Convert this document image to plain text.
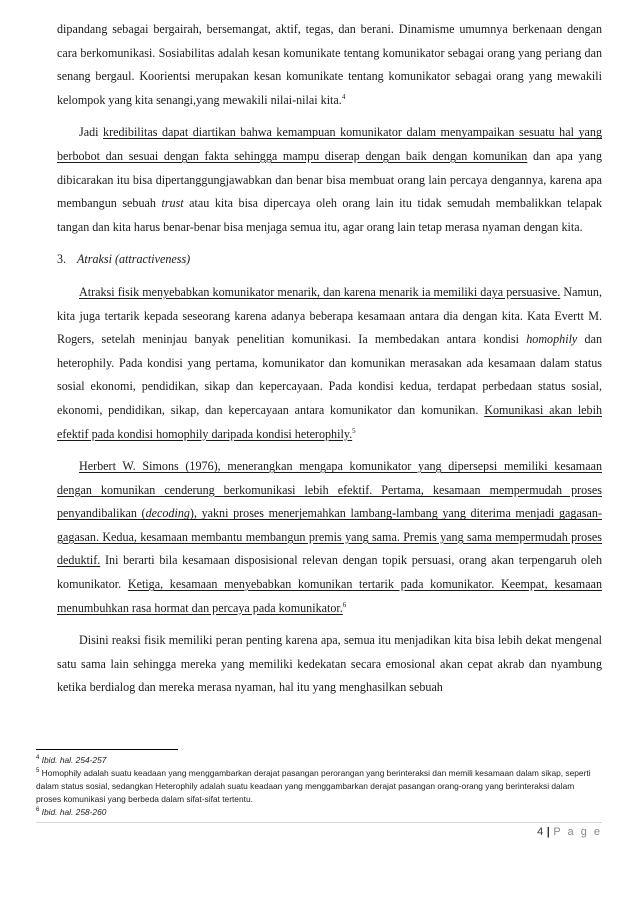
dipandang sebagai bergairah, bersemangat, aktif, tegas, dan berani. Dinamisme umumnya berkenaan dengan cara berkomunikasi. Sosiabilitas adalah kesan komunikate tentang komunikator sebagai orang yang periang dan senang bergaul. Koorientsi merupakan kesan komunikate tentang komunikator sebagai orang yang mewakili kelompok yang kita senangi,yang mewakili nilai-nilai kita.$^4$

Jadi kredibilitas dapat diartikan bahwa kemampuan komunikator dalam menyampaikan sesuatu hal yang berbobot dan sesuai dengan fakta sehingga mampu diserap dengan baik dengan komunikan dan apa yang dibicarakan itu bisa dipertanggungjawabkan dan benar bisa membuat orang lain percaya dengannya, karena apa membangun sebuah trust atau kita bisa dipercaya oleh orang lain itu tidak semudah membalikkan telapak tangan dan kita harus benar-benar bisa menjaga semua itu, agar orang lain tetap merasa nyaman dengan kita.

3. Atraksi (attractiveness)

Atraksi fisik menyebabkan komunikator menarik, dan karena menarik ia memiliki daya persuasive. Namun, kita juga tertarik kepada seseorang karena adanya beberapa kesamaan antara dia dengan kita. Kata Evertt M. Rogers, setelah meninjau banyak penelitian komunikasi. Ia membedakan antara kondisi homophily dan heterophily. Pada kondisi yang pertama, komunikator dan komunikan merasakan ada kesamaan dalam status sosial ekonomi, pendidikan, sikap dan kepercayaan. Pada kondisi kedua, terdapat perbedaan status sosial, ekonomi, pendidikan, sikap, dan kepercayaan antara komunikator dan komunikan. Komunikasi akan lebih efektif pada kondisi homophily daripada kondisi heterophily.$^5$

Herbert W. Simons (1976), menerangkan mengapa komunikator yang dipersepsi memiliki kesamaan dengan komunikan cenderung berkomunikasi lebih efektif. Pertama, kesamaan mempermudah proses penyandibalikan (decoding), yakni proses menerjemahkan lambang-lambang yang diterima menjadi gagasan-gagasan. Kedua, kesamaan membantu membangun premis yang sama. Premis yang sama mempermudah proses deduktif. Ini berarti bila kesamaan disposisional relevan dengan topik persuasi, orang akan terpengaruh oleh komunikator. Ketiga, kesamaan menyebabkan komunikan tertarik pada komunikator. Keempat, kesamaan menumbuhkan rasa hormat dan percaya pada komunikator.$^6$

Disini reaksi fisik memiliki peran penting karena apa, semua itu menjadikan kita bisa lebih dekat mengenal satu sama lain sehingga mereka yang memiliki kedekatan secara emosional akan cepat akrab dan nyambung ketika berdialog dan mereka merasa nyaman, hal itu yang menghasilkan sebuah

$^4$ Ibid. hal. 254-257

$^5$ Homophily adalah suatu keadaan yang menggambarkan derajat pasangan perorangan yang berinteraksi dan memili kesamaan dalam sikap, seperti dalam status sosial, sedangkan Heterophily adalah suatu keadaan yang menggambarkan derajat pasangan orang-orang yang berinteraksi dalam proses komunikasi yang berbeda dalam sifat-sifat tertentu.

$^6$ Ibid. hal. 258-260

4 | P a g e
